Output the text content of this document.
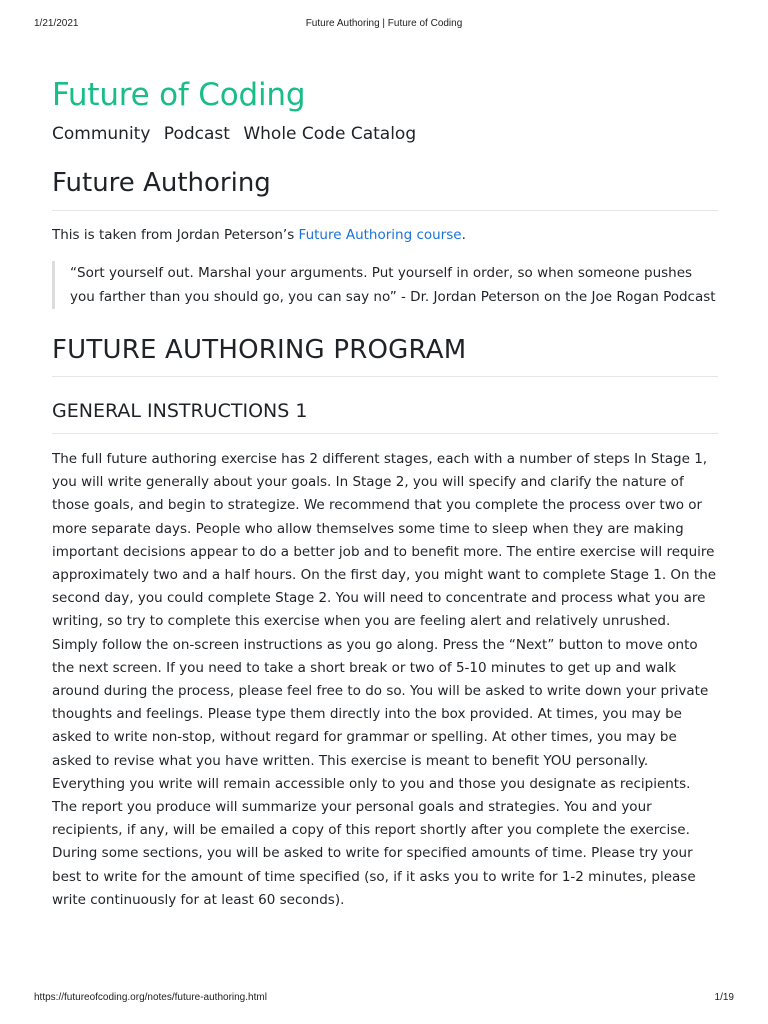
1/21/2021	Future Authoring | Future of Coding
Future of Coding
Community Podcast Whole Code Catalog
Future Authoring

This is taken from Jordan Peterson’s Future Authoring course.

“Sort yourself out. Marshal your arguments. Put yourself in order, so when someone pushes you farther than you should go, you can say no” - Dr. Jordan Peterson on the Joe Rogan Podcast
FUTURE AUTHORING PROGRAM
GENERAL INSTRUCTIONS 1

The full future authoring exercise has 2 different stages, each with a number of steps In Stage 1, you will write generally about your goals. In Stage 2, you will specify and clarify the nature of those goals, and begin to strategize. We recommend that you complete the process over two or more separate days. People who allow themselves some time to sleep when they are making important decisions appear to do a better job and to benefit more. The entire exercise will require approximately two and a half hours. On the first day, you might want to complete Stage 1. On the second day, you could complete Stage 2. You will need to concentrate and process what you are writing, so try to complete this exercise when you are feeling alert and relatively unrushed. Simply follow the on-screen instructions as you go along. Press the “Next” button to move onto the next screen. If you need to take a short break or two of 5-10 minutes to get up and walk around during the process, please feel free to do so. You will be asked to write down your private thoughts and feelings. Please type them directly into the box provided. At times, you may be asked to write non-stop, without regard for grammar or spelling. At other times, you may be asked to revise what you have written. This exercise is meant to benefit YOU personally. Everything you write will remain accessible only to you and those you designate as recipients. The report you produce will summarize your personal goals and strategies. You and your recipients, if any, will be emailed a copy of this report shortly after you complete the exercise. During some sections, you will be asked to write for specified amounts of time. Please try your best to write for the amount of time specified (so, if it asks you to write for 1-2 minutes, please write continuously for at least 60 seconds).

https://futureofcoding.org/notes/future-authoring.html	1/19
